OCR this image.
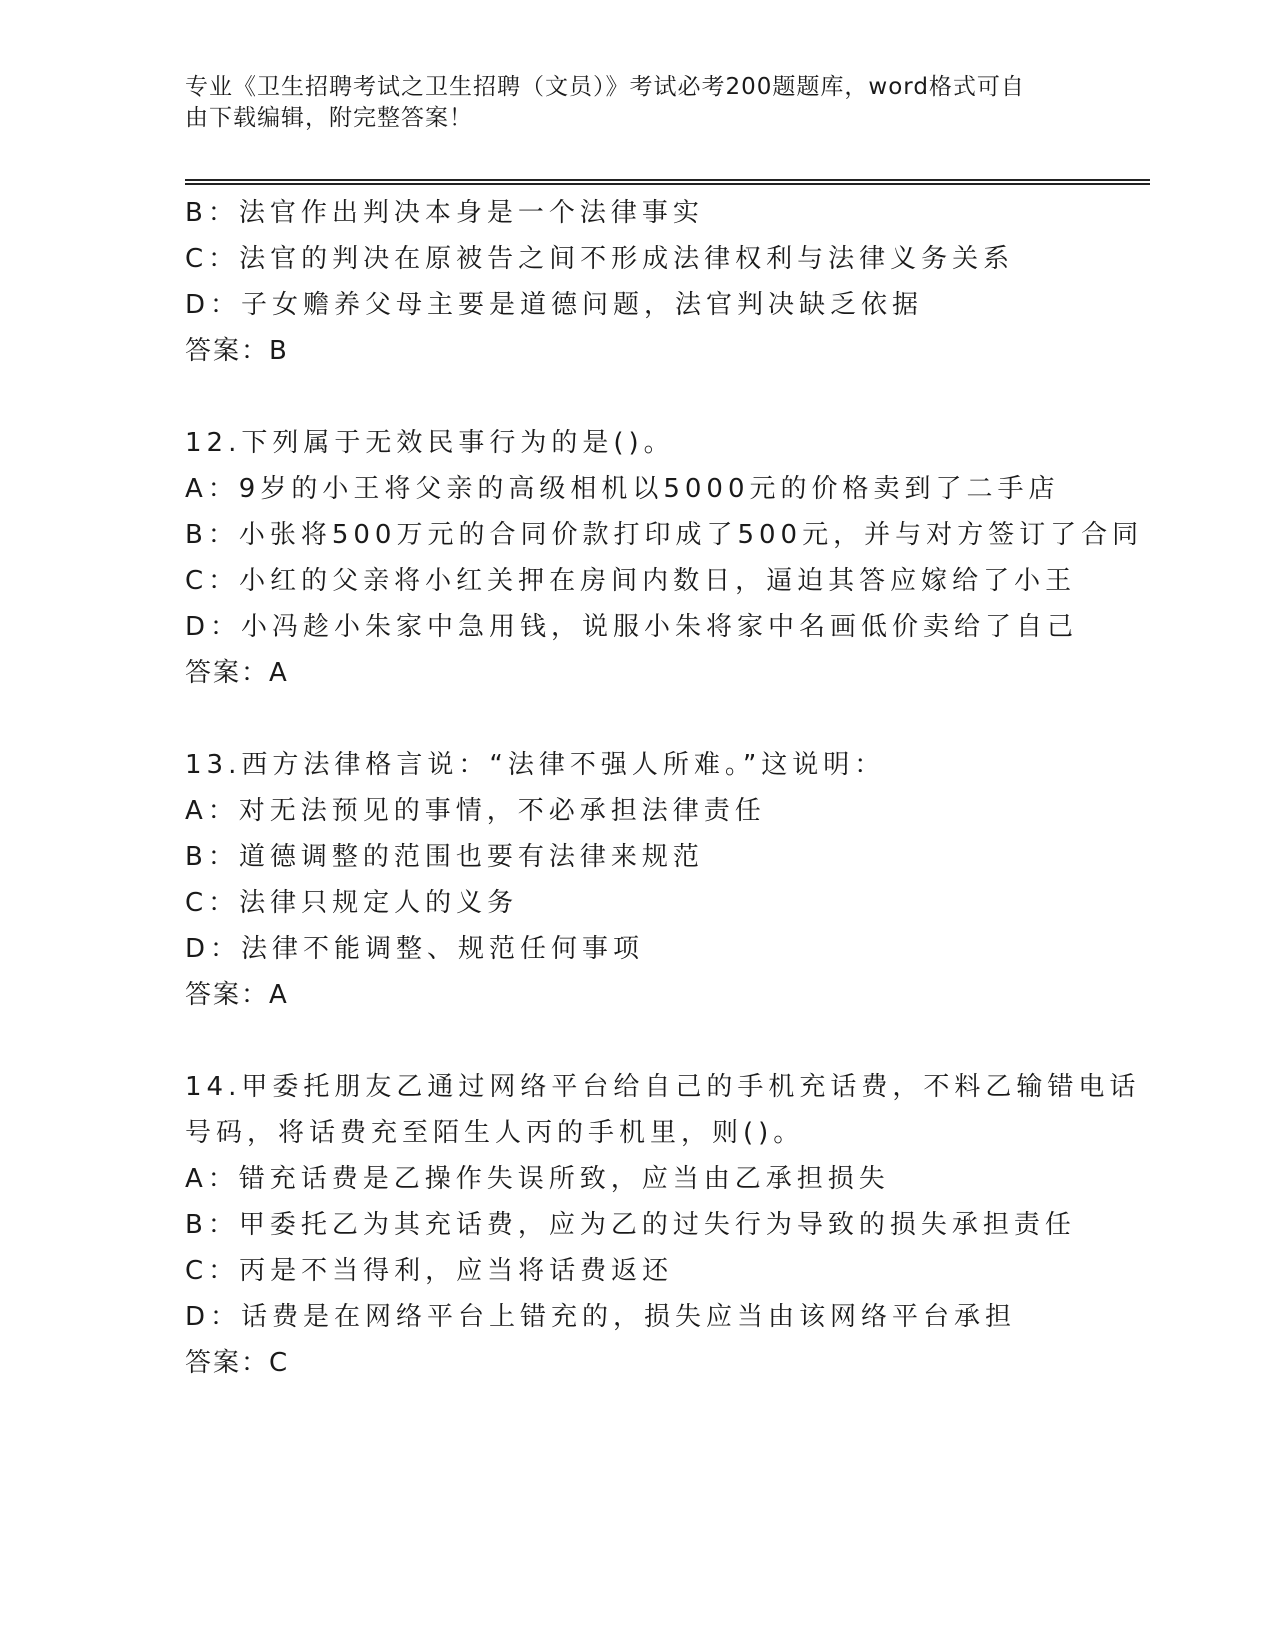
专业《卫生招聘考试之卫生招聘（文员）》考试必考200题题库，word格式可自
由下载编辑，附完整答案！
B：法官作出判决本身是一个法律事实
C：法官的判决在原被告之间不形成法律权利与法律义务关系
D：子女赡养父母主要是道德问题，法官判决缺乏依据
答案：B
12.下列属于无效民事行为的是()。
A：9岁的小王将父亲的高级相机以5000元的价格卖到了二手店
B：小张将500万元的合同价款打印成了500元，并与对方签订了合同
C：小红的父亲将小红关押在房间内数日，逼迫其答应嫁给了小王
D：小冯趁小朱家中急用钱，说服小朱将家中名画低价卖给了自己
答案：A
13.西方法律格言说：“法律不强人所难。”这说明：
A：对无法预见的事情，不必承担法律责任
B：道德调整的范围也要有法律来规范
C：法律只规定人的义务
D：法律不能调整、规范任何事项
答案：A
14.甲委托朋友乙通过网络平台给自己的手机充话费，不料乙输错电话
号码，将话费充至陌生人丙的手机里，则()。
A：错充话费是乙操作失误所致，应当由乙承担损失
B：甲委托乙为其充话费，应为乙的过失行为导致的损失承担责任
C：丙是不当得利，应当将话费返还
D：话费是在网络平台上错充的，损失应当由该网络平台承担
答案：C
